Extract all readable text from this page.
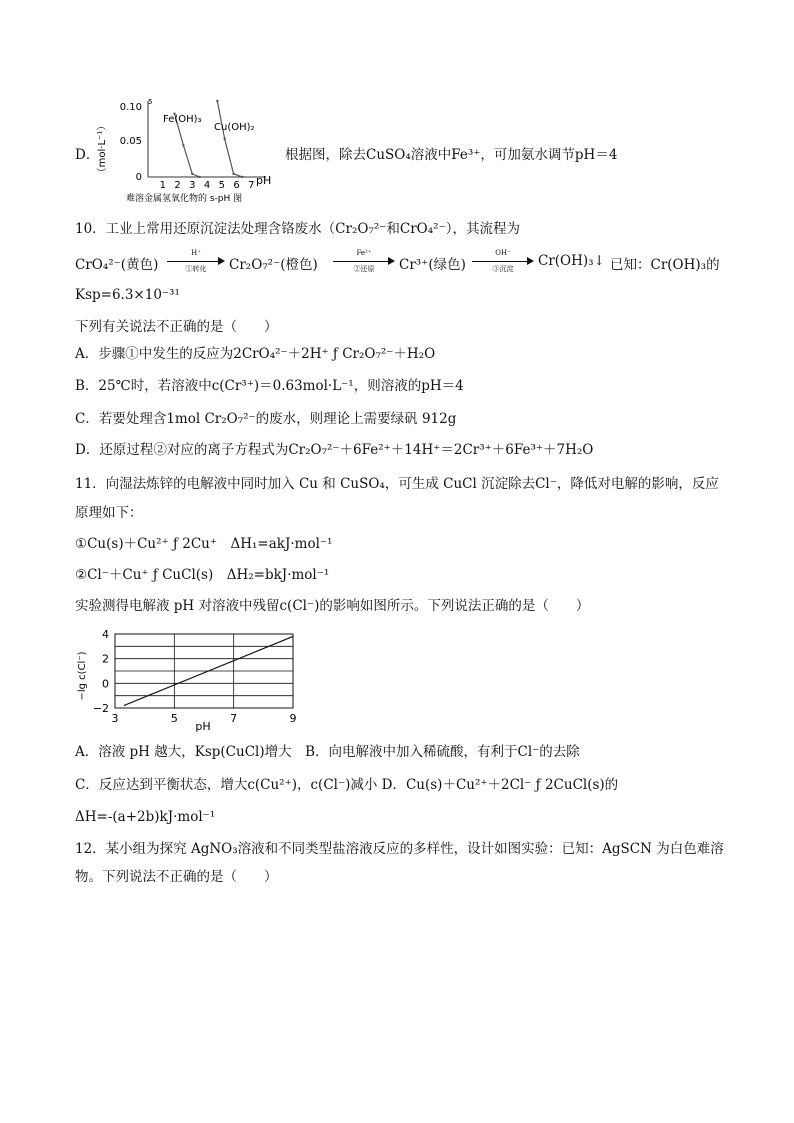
D．
（mol·L⁻¹）
0.10
0.05
0
5
Fe(OH)₃
Cu(OH)₂
1 2 3 4 5 6 7 pH
难溶金属氢氧化物的 s-pH 图
根据图，除去CuSO₄溶液中Fe³⁺，可加氨水调节pH＝4
10．工业上常用还原沉淀法处理含铬废水（Cr₂O₇²⁻和CrO₄²⁻），其流程为
CrO₄²⁻(黄色)
H⁺
①转化	Cr₂O₇²⁻(橙色)
Fe²⁺
②还原	Cr³⁺(绿色)
OH⁻
③沉淀	Cr(OH)₃↓ 已知：Cr(OH)₃的
Ksp=6.3×10⁻³¹
下列有关说法不正确的是（　　）
A．步骤①中发生的反应为2CrO₄²⁻＋2H⁺ ƒ Cr₂O₇²⁻＋H₂O
B．25℃时，若溶液中c(Cr³⁺)＝0.63mol·L⁻¹，则溶液的pH＝4
C．若要处理含1mol Cr₂O₇²⁻的废水，则理论上需要绿矾 912g
D．还原过程②对应的离子方程式为Cr₂O₇²⁻＋6Fe²⁺＋14H⁺＝2Cr³⁺＋6Fe³⁺＋7H₂O
11．向湿法炼锌的电解液中同时加入 Cu 和 CuSO₄，可生成 CuCl 沉淀除去Cl⁻，降低对电解的影响，反应
原理如下：
①Cu(s)＋Cu²⁺ ƒ 2Cu⁺　ΔH₁=akJ·mol⁻¹
②Cl⁻＋Cu⁺ ƒ CuCl(s)　ΔH₂=bkJ·mol⁻¹
实验测得电解液 pH 对溶液中残留c(Cl⁻)的影响如图所示。下列说法正确的是（　　）
−lg c(Cl⁻)
−2
0
2
4
3	5	7	9
pH
A．溶液 pH 越大，Ksp(CuCl)增大　B．向电解液中加入稀硫酸，有利于Cl⁻的去除
C．反应达到平衡状态，增大c(Cu²⁺)，c(Cl⁻)减小 D．Cu(s)＋Cu²⁺＋2Cl⁻ ƒ 2CuCl(s)的
ΔH=-(a+2b)kJ·mol⁻¹
12．某小组为探究 AgNO₃溶液和不同类型盐溶液反应的多样性，设计如图实验：已知：AgSCN 为白色难溶
物。下列说法不正确的是（　　）
